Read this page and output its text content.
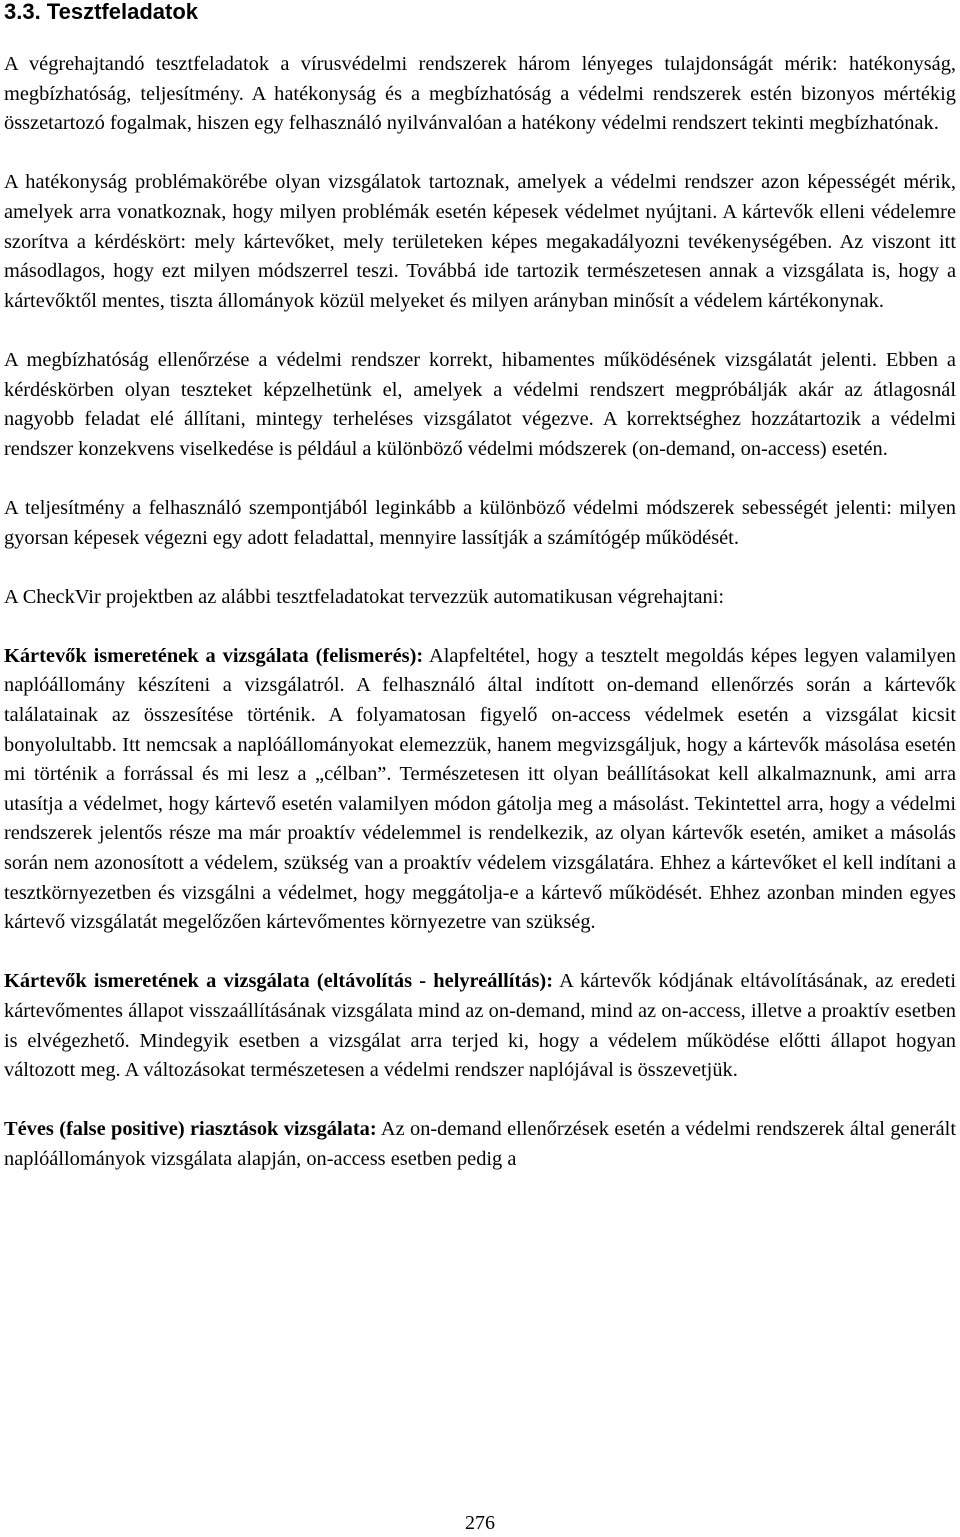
3.3. Tesztfeladatok

A végrehajtandó tesztfeladatok a vírusvédelmi rendszerek három lényeges tulajdonságát mérik: hatékonyság, megbízhatóság, teljesítmény. A hatékonyság és a megbízhatóság a védelmi rendszerek estén bizonyos mértékig összetartozó fogalmak, hiszen egy felhasználó nyilvánvalóan a hatékony védelmi rendszert tekinti megbízhatónak.

A hatékonyság problémakörébe olyan vizsgálatok tartoznak, amelyek a védelmi rendszer azon képességét mérik, amelyek arra vonatkoznak, hogy milyen problémák esetén képesek védelmet nyújtani. A kártevők elleni védelemre szorítva a kérdéskört: mely kártevőket, mely területeken képes megakadályozni tevékenységében. Az viszont itt másodlagos, hogy ezt milyen módszerrel teszi. Továbbá ide tartozik természetesen annak a vizsgálata is, hogy a kártevőktől mentes, tiszta állományok közül melyeket és milyen arányban minősít a védelem kártékonynak.

A megbízhatóság ellenőrzése a védelmi rendszer korrekt, hibamentes működésének vizsgálatát jelenti. Ebben a kérdéskörben olyan teszteket képzelhetünk el, amelyek a védelmi rendszert megpróbálják akár az átlagosnál nagyobb feladat elé állítani, mintegy terheléses vizsgálatot végezve. A korrektséghez hozzátartozik a védelmi rendszer konzekvens viselkedése is például a különböző védelmi módszerek (on-demand, on-access) esetén.

A teljesítmény a felhasználó szempontjából leginkább a különböző védelmi módszerek sebességét jelenti: milyen gyorsan képesek végezni egy adott feladattal, mennyire lassítják a számítógép működését.

A CheckVir projektben az alábbi tesztfeladatokat tervezzük automatikusan végrehajtani:

Kártevők ismeretének a vizsgálata (felismerés): Alapfeltétel, hogy a tesztelt megoldás képes legyen valamilyen naplóállomány készíteni a vizsgálatról. A felhasználó által indított on-demand ellenőrzés során a kártevők találatainak az összesítése történik. A folyamatosan figyelő on-access védelmek esetén a vizsgálat kicsit bonyolultabb. Itt nemcsak a naplóállományokat elemezzük, hanem megvizsgáljuk, hogy a kártevők másolása esetén mi történik a forrással és mi lesz a „célban”. Természetesen itt olyan beállításokat kell alkalmaznunk, ami arra utasítja a védelmet, hogy kártevő esetén valamilyen módon gátolja meg a másolást. Tekintettel arra, hogy a védelmi rendszerek jelentős része ma már proaktív védelemmel is rendelkezik, az olyan kártevők esetén, amiket a másolás során nem azonosított a védelem, szükség van a proaktív védelem vizsgálatára. Ehhez a kártevőket el kell indítani a tesztkörnyezetben és vizsgálni a védelmet, hogy meggátolja-e a kártevő működését. Ehhez azonban minden egyes kártevő vizsgálatát megelőzően kártevőmentes környezetre van szükség.

Kártevők ismeretének a vizsgálata (eltávolítás - helyreállítás): A kártevők kódjának eltávolításának, az eredeti kártevőmentes állapot visszaállításának vizsgálata mind az on-demand, mind az on-access, illetve a proaktív esetben is elvégezhető. Mindegyik esetben a vizsgálat arra terjed ki, hogy a védelem működése előtti állapot hogyan változott meg. A változásokat természetesen a védelmi rendszer naplójával is összevetjük.

Téves (false positive) riasztások vizsgálata: Az on-demand ellenőrzések esetén a védelmi rendszerek által generált naplóállományok vizsgálata alapján, on-access esetben pedig a

276
